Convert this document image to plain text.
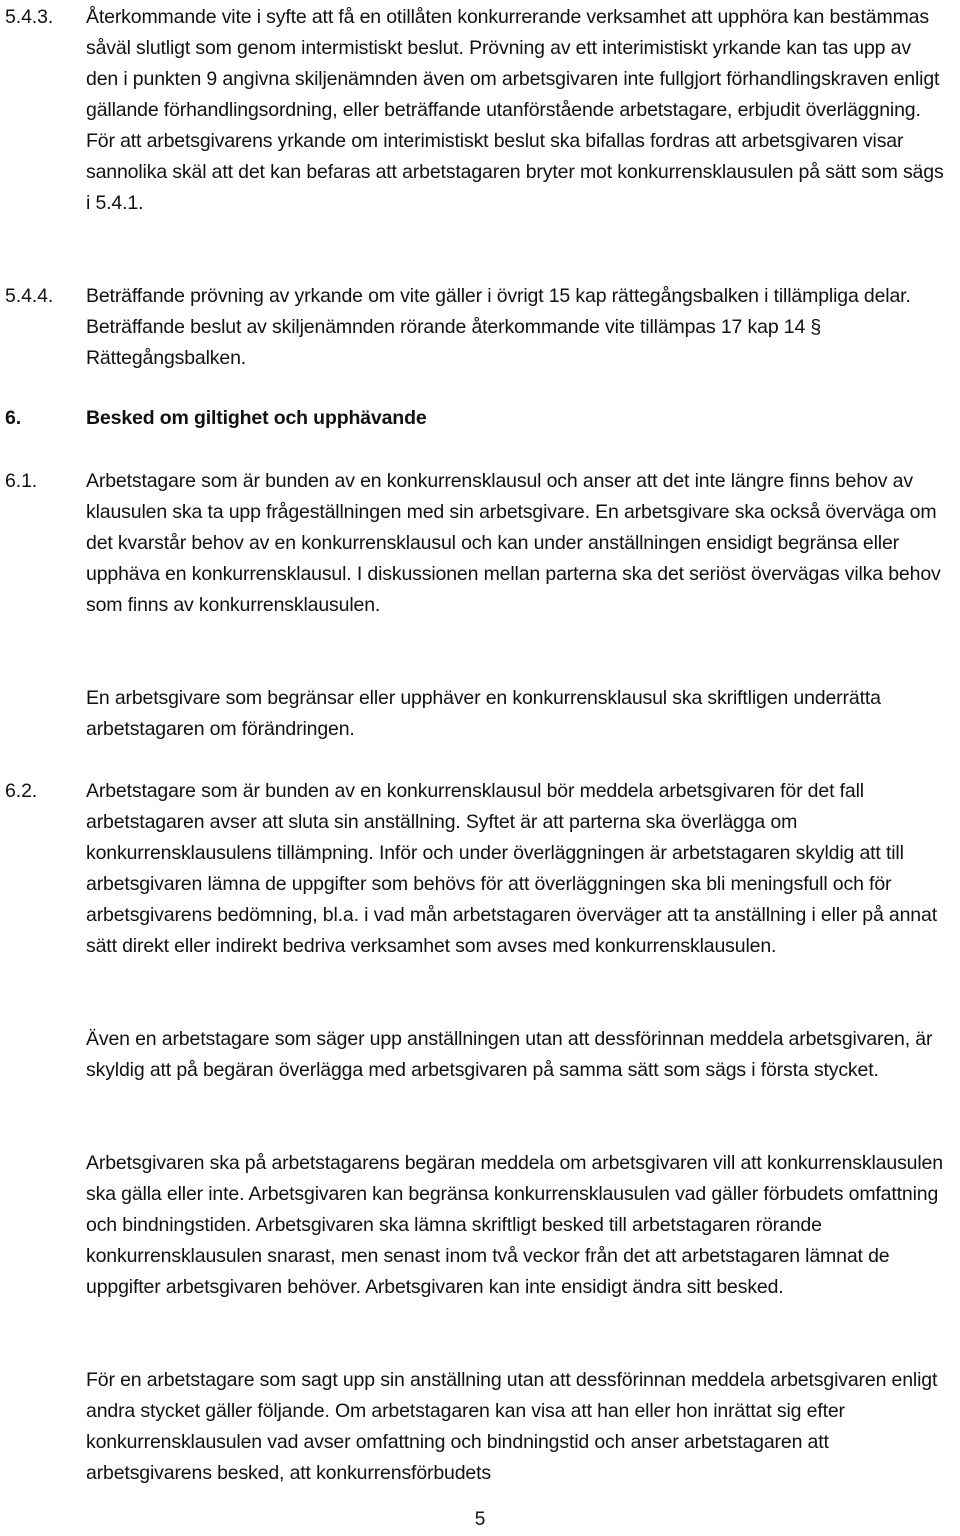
5.4.3. Återkommande vite i syfte att få en otillåten konkurrerande verksamhet att upphöra kan bestämmas såväl slutligt som genom intermistiskt beslut. Prövning av ett interimistiskt yrkande kan tas upp av den i punkten 9 angivna skiljenämnden även om arbetsgivaren inte fullgjort förhandlingskraven enligt gällande förhandlingsordning, eller beträffande utanförstående arbetstagare, erbjudit överläggning. För att arbetsgivarens yrkande om interimistiskt beslut ska bifallas fordras att arbetsgivaren visar sannolika skäl att det kan befaras att arbetstagaren bryter mot konkurrensklausulen på sätt som sägs i 5.4.1.
5.4.4. Beträffande prövning av yrkande om vite gäller i övrigt 15 kap rättegångsbalken i tillämpliga delar. Beträffande beslut av skiljenämnden rörande återkommande vite tillämpas 17 kap 14 § Rättegångsbalken.
6.	Besked om giltighet och upphävande
6.1.	Arbetstagare som är bunden av en konkurrensklausul och anser att det inte längre finns behov av klausulen ska ta upp frågeställningen med sin arbetsgivare. En arbetsgivare ska också överväga om det kvarstår behov av en konkurrensklausul och kan under anställningen ensidigt begränsa eller upphäva en konkurrensklausul. I diskussionen mellan parterna ska det seriöst övervägas vilka behov som finns av konkurrensklausulen.
En arbetsgivare som begränsar eller upphäver en konkurrensklausul ska skriftligen underrätta arbetstagaren om förändringen.
6.2.	Arbetstagare som är bunden av en konkurrensklausul bör meddela arbetsgivaren för det fall arbetstagaren avser att sluta sin anställning. Syftet är att parterna ska överlägga om konkurrensklausulens tillämpning. Inför och under överläggningen är arbetstagaren skyldig att till arbetsgivaren lämna de uppgifter som behövs för att överläggningen ska bli meningsfull och för arbetsgivarens bedömning, bl.a. i vad mån arbetstagaren överväger att ta anställning i eller på annat sätt direkt eller indirekt bedriva verksamhet som avses med konkurrensklausulen.
Även en arbetstagare som säger upp anställningen utan att dessförinnan meddela arbetsgivaren, är skyldig att på begäran överlägga med arbetsgivaren på samma sätt som sägs i första stycket.
Arbetsgivaren ska på arbetstagarens begäran meddela om arbetsgivaren vill att konkurrensklausulen ska gälla eller inte. Arbetsgivaren kan begränsa konkurrensklausulen vad gäller förbudets omfattning och bindningstiden. Arbetsgivaren ska lämna skriftligt besked till arbetstagaren rörande konkurrensklausulen snarast, men senast inom två veckor från det att arbetstagaren lämnat de uppgifter arbetsgivaren behöver. Arbetsgivaren kan inte ensidigt ändra sitt besked.
För en arbetstagare som sagt upp sin anställning utan att dessförinnan meddela arbetsgivaren enligt andra stycket gäller följande. Om arbetstagaren kan visa att han eller hon inrättat sig efter konkurrensklausulen vad avser omfattning och bindningstid och anser arbetstagaren att arbetsgivarens besked, att konkurrensförbudets
5
